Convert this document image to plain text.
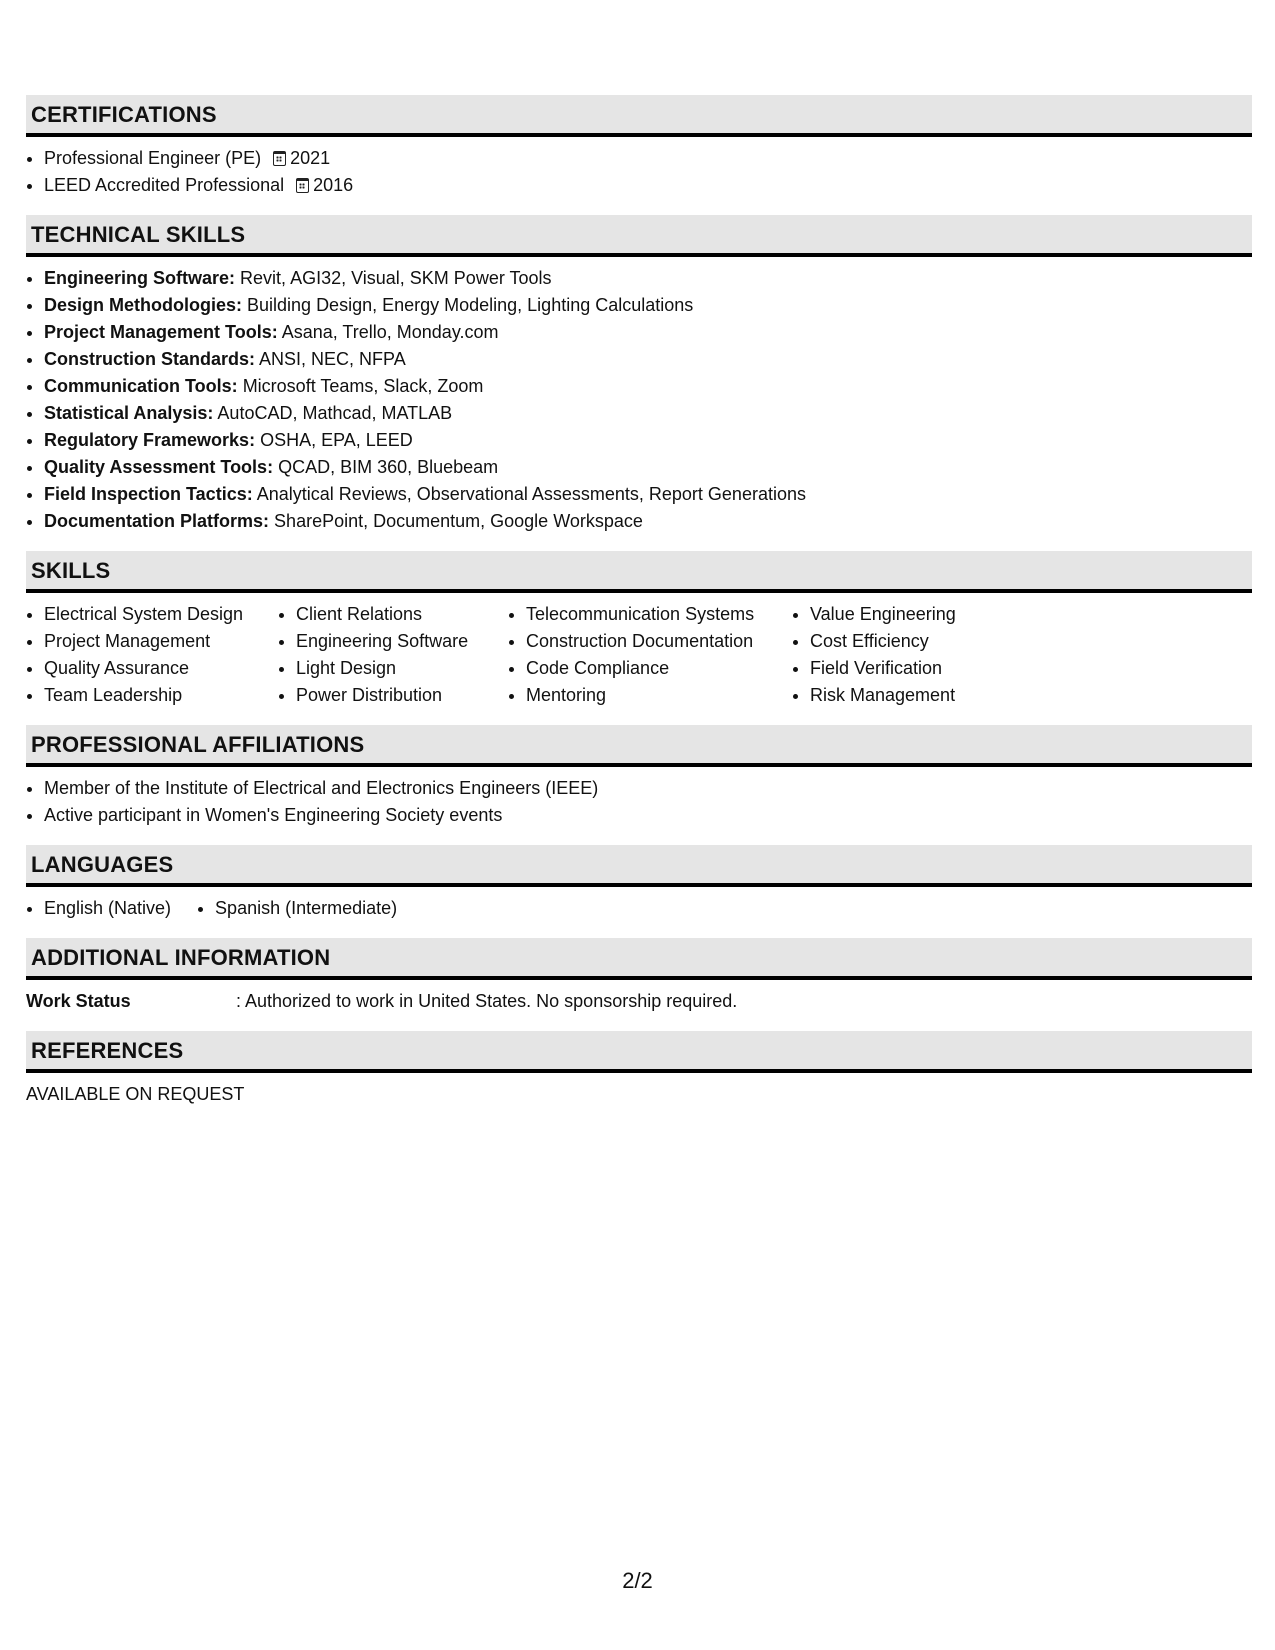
CERTIFICATIONS
• Professional Engineer (PE) 2021
• LEED Accredited Professional 2016
TECHNICAL SKILLS
• Engineering Software: Revit, AGI32, Visual, SKM Power Tools
• Design Methodologies: Building Design, Energy Modeling, Lighting Calculations
• Project Management Tools: Asana, Trello, Monday.com
• Construction Standards: ANSI, NEC, NFPA
• Communication Tools: Microsoft Teams, Slack, Zoom
• Statistical Analysis: AutoCAD, Mathcad, MATLAB
• Regulatory Frameworks: OSHA, EPA, LEED
• Quality Assessment Tools: QCAD, BIM 360, Bluebeam
• Field Inspection Tactics: Analytical Reviews, Observational Assessments, Report Generations
• Documentation Platforms: SharePoint, Documentum, Google Workspace
SKILLS
• Electrical System Design
• Project Management
• Quality Assurance
• Team Leadership
• Client Relations
• Engineering Software
• Light Design
• Power Distribution
• Telecommunication Systems
• Construction Documentation
• Code Compliance
• Mentoring
• Value Engineering
• Cost Efficiency
• Field Verification
• Risk Management
PROFESSIONAL AFFILIATIONS
• Member of the Institute of Electrical and Electronics Engineers (IEEE)
• Active participant in Women's Engineering Society events
LANGUAGES
• English (Native)
• Spanish (Intermediate)
ADDITIONAL INFORMATION
Work Status	: Authorized to work in United States. No sponsorship required.
REFERENCES
AVAILABLE ON REQUEST
2/2
